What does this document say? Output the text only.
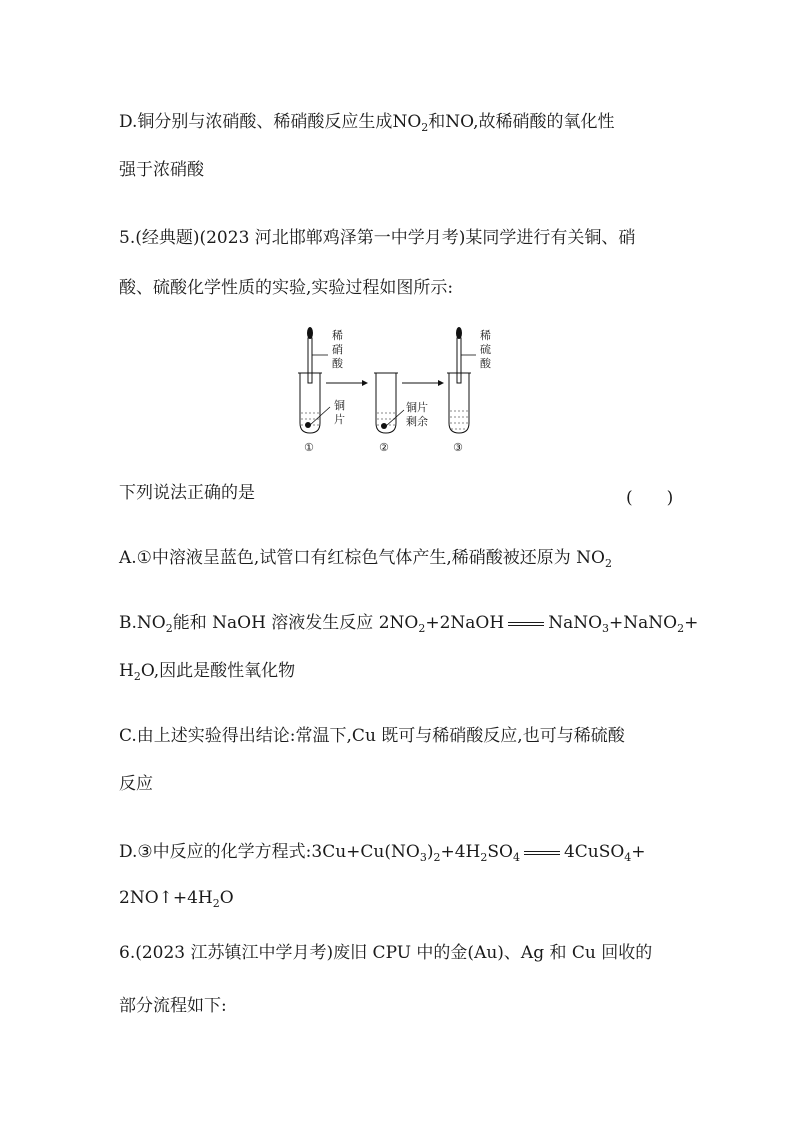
D.铜分别与浓硝酸、稀硝酸反应生成$NO_2$和NO,故稀硝酸的氧化性
强于浓硝酸
5.(经典题)(2023 河北邯郸鸡泽第一中学月考)某同学进行有关铜、硝
酸、硫酸化学性质的实验,实验过程如图所示:
稀
硝
酸
铜
片
①
铜片
剩余
②
稀
硫
酸
③
下列说法正确的是	(　　)
A.①中溶液呈蓝色,试管口有红棕色气体产生,稀硝酸被还原为 $NO_2$
$B.NO_2$能和 NaOH 溶液发生反应 $2NO_2+2NaOH$	NaNO$_3$+NaNO$_2$+
$H_2O$,因此是酸性氧化物
C.由上述实验得出结论:常温下,Cu 既可与稀硝酸反应,也可与稀硫酸
反应
D.③中反应的化学方程式$:3Cu+Cu(NO_3)_2+4H_2SO_4$	4CuSO$_4$+
$2NO↑+4H_2O$
6.(2023 江苏镇江中学月考)废旧 CPU 中的金(Au)、Ag 和 Cu 回收的
部分流程如下:
